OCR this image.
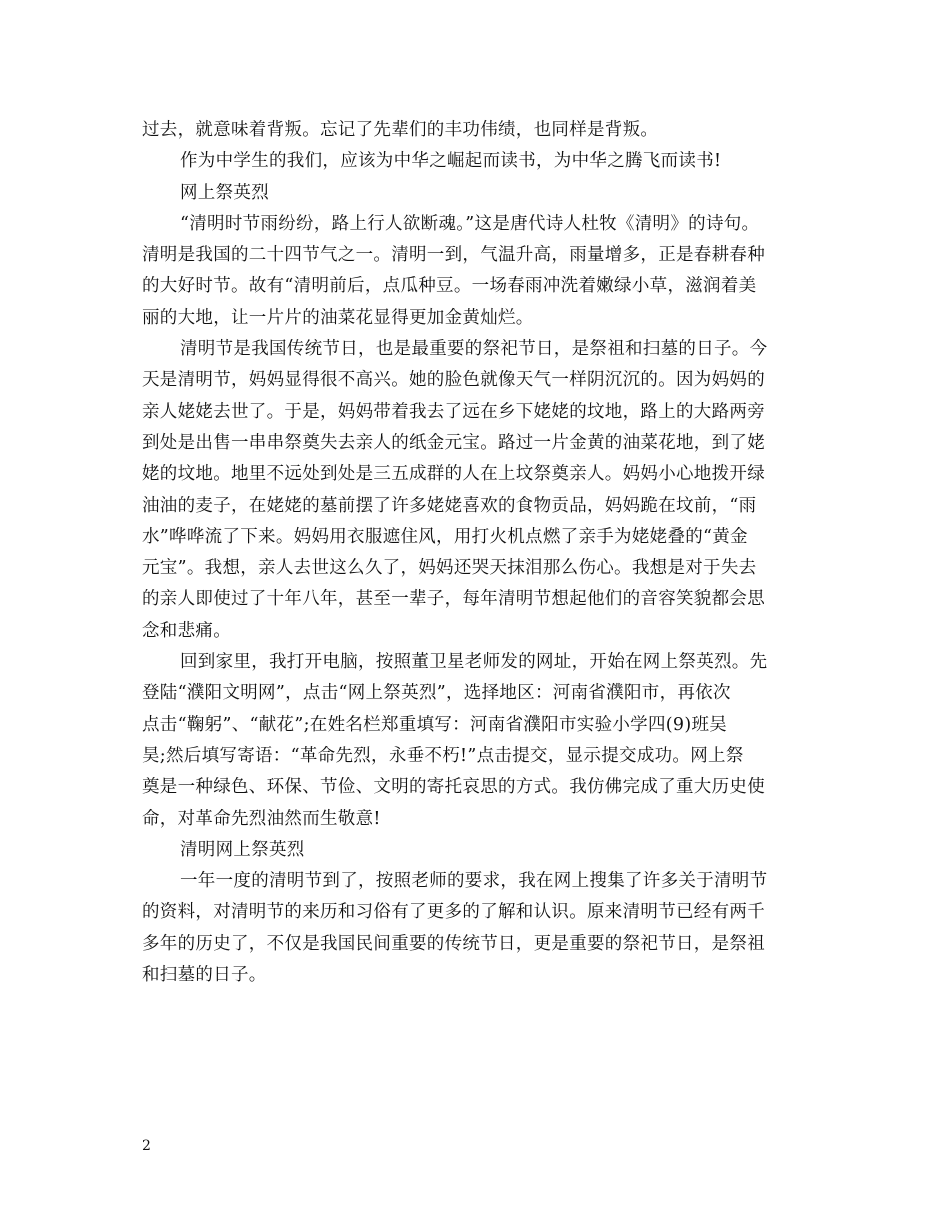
过去，就意味着背叛。忘记了先辈们的丰功伟绩，也同样是背叛。
作为中学生的我们，应该为中华之崛起而读书，为中华之腾飞而读书!
网上祭英烈
“清明时节雨纷纷，路上行人欲断魂。”这是唐代诗人杜牧《清明》的诗句。
清明是我国的二十四节气之一。清明一到，气温升高，雨量增多，正是春耕春种
的大好时节。故有“清明前后，点瓜种豆。一场春雨冲洗着嫩绿小草，滋润着美
丽的大地，让一片片的油菜花显得更加金黄灿烂。
清明节是我国传统节日，也是最重要的祭祀节日，是祭祖和扫墓的日子。今
天是清明节，妈妈显得很不高兴。她的脸色就像天气一样阴沉沉的。因为妈妈的
亲人姥姥去世了。于是，妈妈带着我去了远在乡下姥姥的坟地，路上的大路两旁
到处是出售一串串祭奠失去亲人的纸金元宝。路过一片金黄的油菜花地，到了姥
姥的坟地。地里不远处到处是三五成群的人在上坟祭奠亲人。妈妈小心地拨开绿
油油的麦子，在姥姥的墓前摆了许多姥姥喜欢的食物贡品，妈妈跪在坟前，“雨
水”哗哗流了下来。妈妈用衣服遮住风，用打火机点燃了亲手为姥姥叠的“黄金
元宝”。我想，亲人去世这么久了，妈妈还哭天抹泪那么伤心。我想是对于失去
的亲人即使过了十年八年，甚至一辈子，每年清明节想起他们的音容笑貌都会思
念和悲痛。
回到家里，我打开电脑，按照董卫星老师发的网址，开始在网上祭英烈。先
登陆“濮阳文明网”，点击“网上祭英烈”，选择地区：河南省濮阳市，再依次
点击“鞠躬”、“献花”;在姓名栏郑重填写：河南省濮阳市实验小学四(9)班吴
昊;然后填写寄语：“革命先烈，永垂不朽!”点击提交，显示提交成功。网上祭
奠是一种绿色、环保、节俭、文明的寄托哀思的方式。我仿佛完成了重大历史使
命，对革命先烈油然而生敬意!
清明网上祭英烈
一年一度的清明节到了，按照老师的要求，我在网上搜集了许多关于清明节
的资料，对清明节的来历和习俗有了更多的了解和认识。原来清明节已经有两千
多年的历史了，不仅是我国民间重要的传统节日，更是重要的祭祀节日，是祭祖
和扫墓的日子。
2
